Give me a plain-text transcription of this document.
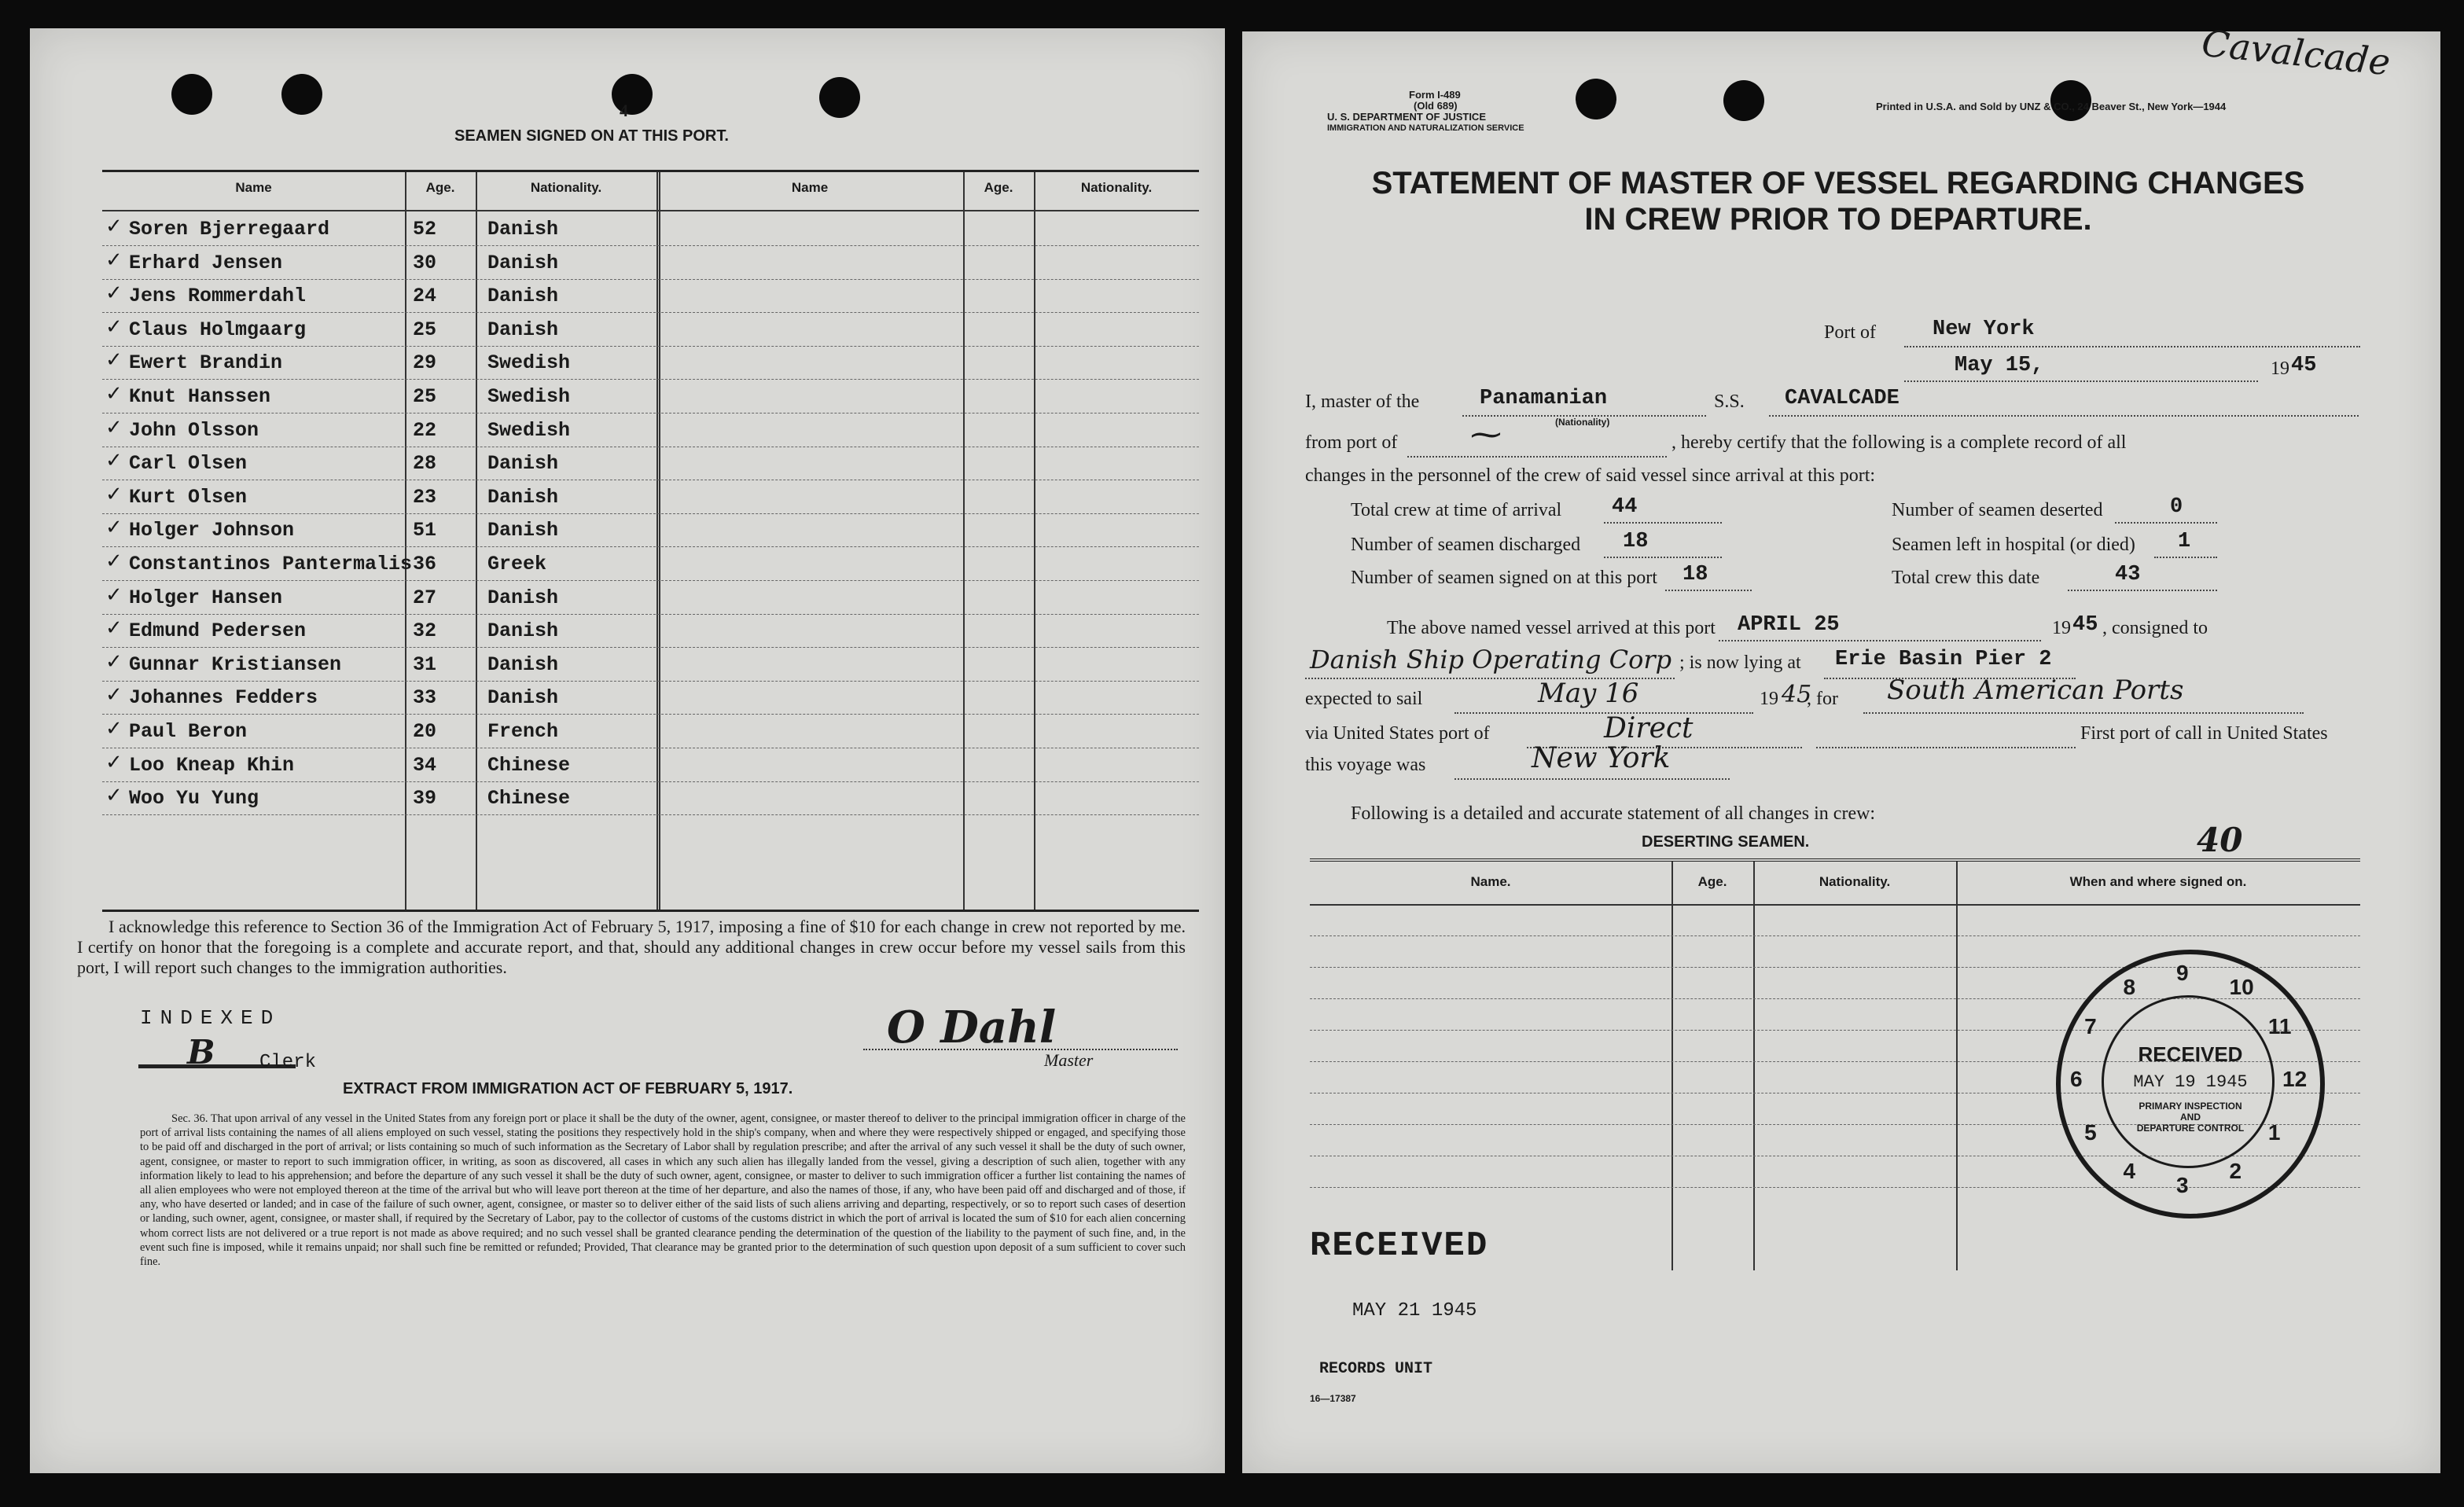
4
SEAMEN SIGNED ON AT THIS PORT.
Name	Age.	Nationality.	Name	Age.	Nationality.
✓ Soren Bjerregaard	52	Danish
✓ Erhard Jensen	30	Danish
✓ Jens Rommerdahl	24	Danish
✓ Claus Holmgaarg	25	Danish
✓ Ewert Brandin	29	Swedish
✓ Knut Hanssen	25	Swedish
✓ John Olsson	22	Swedish
✓ Carl Olsen	28	Danish
✓ Kurt Olsen	23	Danish
✓ Holger Johnson	51	Danish
✓ Constantinos Pantermalis 36	Greek
✓ Holger Hansen	27	Danish
✓ Edmund Pedersen	32	Danish
✓ Gunnar Kristiansen	31	Danish
✓ Johannes Fedders	33	Danish
✓ Paul Beron	20	French
✓ Loo Kneap Khin	34	Chinese
✓ Woo Yu Yung	39	Chinese
I acknowledge this reference to Section 36 of the Immigration Act of February 5, 1917, imposing a fine of $10 for each change in crew not reported by me. I certify on honor that the foregoing is a complete and accurate report, and that, should any additional changes in crew occur before my vessel sails from this port, I will report such changes to the immigration authorities.
INDEXED
B Clerk
O Dahl
Master
EXTRACT FROM IMMIGRATION ACT OF FEBRUARY 5, 1917.
Sec. 36. That upon arrival of any vessel in the United States from any foreign port or place it shall be the duty of the owner, agent, consignee, or master thereof to deliver to the principal immigration officer in charge of the port of arrival lists containing the names of all aliens employed on such vessel, stating the positions they respectively hold in the ship's company, when and where they were respectively shipped or engaged, and specifying those to be paid off and discharged in the port of arrival; or lists containing so much of such information as the Secretary of Labor shall by regulation prescribe; and after the arrival of any such vessel it shall be the duty of such owner, agent, consignee, or master to report to such immigration officer, in writing, as soon as discovered, all cases in which any such alien has illegally landed from the vessel, giving a description of such alien, together with any information likely to lead to his apprehension; and before the departure of any such vessel it shall be the duty of such owner, agent, consignee, or master to deliver to such immigration officer a further list containing the names of all alien employees who were not employed thereon at the time of the arrival but who will leave port thereon at the time of her departure, and also the names of those, if any, who have been paid off and discharged and of those, if any, who have deserted or landed; and in case of the failure of such owner, agent, consignee, or master so to deliver either of the said lists of such aliens arriving and departing, respectively, or so to report such cases of desertion or landing, such owner, agent, consignee, or master shall, if required by the Secretary of Labor, pay to the collector of customs of the customs district in which the port of arrival is located the sum of $10 for each alien concerning whom correct lists are not delivered or a true report is not made as above required; and no such vessel shall be granted clearance pending the determination of the question of the liability to the payment of such fine, and, in the event such fine is imposed, while it remains unpaid; nor shall such fine be remitted or refunded; Provided, That clearance may be granted prior to the determination of such question upon deposit of a sum sufficient to cover such fine.
Form I-489
(Old 689)
U. S. DEPARTMENT OF JUSTICE
IMMIGRATION AND NATURALIZATION SERVICE
Printed in U.S.A. and Sold by UNZ & CO., 24 Beaver St., New York—1944
Cavalcade
STATEMENT OF MASTER OF VESSEL REGARDING CHANGES
IN CREW PRIOR TO DEPARTURE.
Port of	New York
May 15,	19 45
I, master of the	Panamanian
(Nationality)
S.S. CAVALCADE
from port of ⁓	, hereby certify that the following is a complete record of all
changes in the personnel of the crew of said vessel since arrival at this port:
Total crew at time of arrival 44	Number of seamen deserted	0
Number of seamen discharged 18	Seamen left in hospital (or died) 1
Number of seamen signed on at this port 18	Total crew this date	43
The above named vessel arrived at this port APRIL 25	19 45 , consigned to
Danish Ship Operating Corp ; is now lying at Erie Basin Pier 2
expected to sail	May 16	19 45
, for South American Ports
via United States port of	Direct	First port of call in United States
this voyage was	New York
Following is a detailed and accurate statement of all changes in crew:
DESERTING SEAMEN.	40
Name.	Age.	Nationality.	When and where signed on.
RECEIVED
MAY 21 1945
RECORDS UNIT
16—17387
9
10
11
12
1
2
3
4
5
6
7
8
RECEIVED
MAY 19 1945
PRIMARY INSPECTION
AND
DEPARTURE CONTROL
